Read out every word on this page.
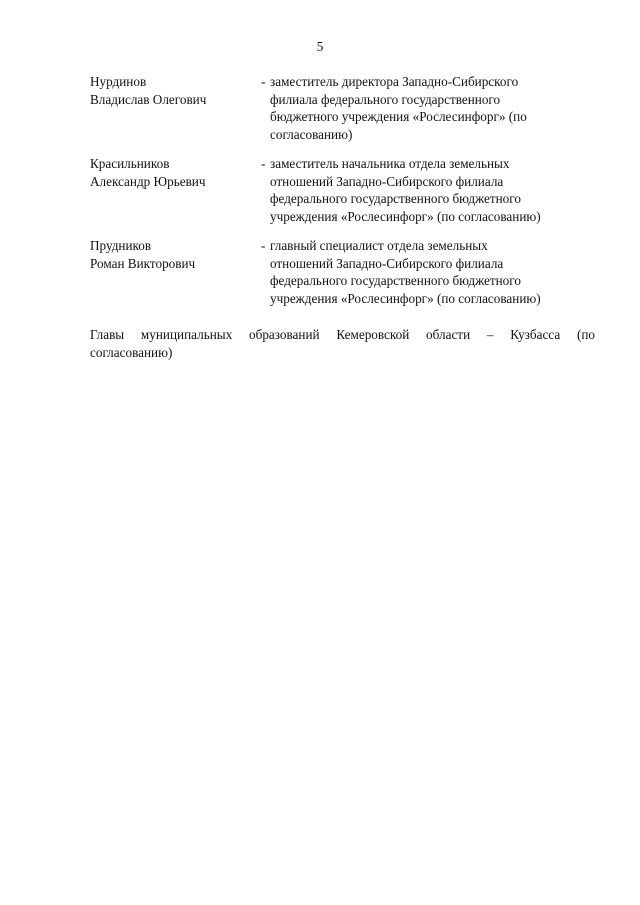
5
Нурдинов
Владислав Олегович
- заместитель директора Западно-Сибирского
филиала федерального государственного
бюджетного учреждения «Рослесинфорг» (по
согласованию)
Красильников
Александр Юрьевич
- заместитель начальника отдела земельных
отношений Западно-Сибирского филиала
федерального государственного бюджетного
учреждения «Рослесинфорг» (по согласованию)
Прудников
Роман Викторович
- главный специалист отдела земельных
отношений Западно-Сибирского филиала
федерального государственного бюджетного
учреждения «Рослесинфорг» (по согласованию)
Главы муниципальных образований Кемеровской области – Кузбасса (по согласованию)
